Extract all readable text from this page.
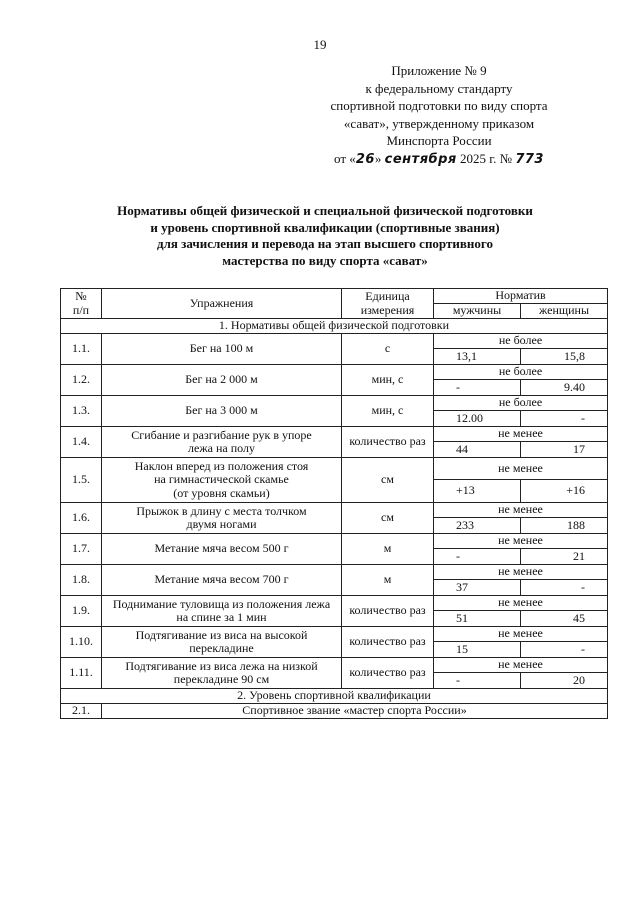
19
Приложение № 9
к федеральному стандарту
спортивной подготовки по виду спорта
«сават», утвержденному приказом
Минспорта России
от «26» сентября 2025 г. № 773
Нормативы общей физической и специальной физической подготовки
и уровень спортивной квалификации (спортивные звания)
для зачисления и перевода на этап высшего спортивного
мастерства по виду спорта «сават»
№
п/п	Упражнения	Единица
измерения	Норматив	
			мужчины	женщины
1. Нормативы общей физической подготовки				
1.1.	Бег на 100 м	с	не более	
			13,1	15,8
1.2.	Бег на 2 000 м	мин, с	не более	
			-	9.40
1.3.	Бег на 3 000 м	мин, с	не более	
			12.00	-
1.4.	Сгибание и разгибание рук в упоре
лежа на полу	количество раз	не менее	
			44	17
1.5.	Наклон вперед из положения стоя
на гимнастической скамье
(от уровня скамьи)	см	не менее	
			+13	+16
1.6.	Прыжок в длину с места толчком
двумя ногами	см	не менее	
			233	188
1.7.	Метание мяча весом 500 г	м	не менее	
			-	21
1.8.	Метание мяча весом 700 г	м	не менее	
			37	-
1.9.	Поднимание туловища из положения лежа
на спине за 1 мин	количество раз	не менее	
			51	45
1.10.	Подтягивание из виса на высокой
перекладине	количество раз	не менее	
			15	-
1.11.	Подтягивание из виса лежа на низкой
перекладине 90 см	количество раз	не менее	
			-	20
2. Уровень спортивной квалификации				
2.1.	Спортивное звание «мастер спорта России»			
